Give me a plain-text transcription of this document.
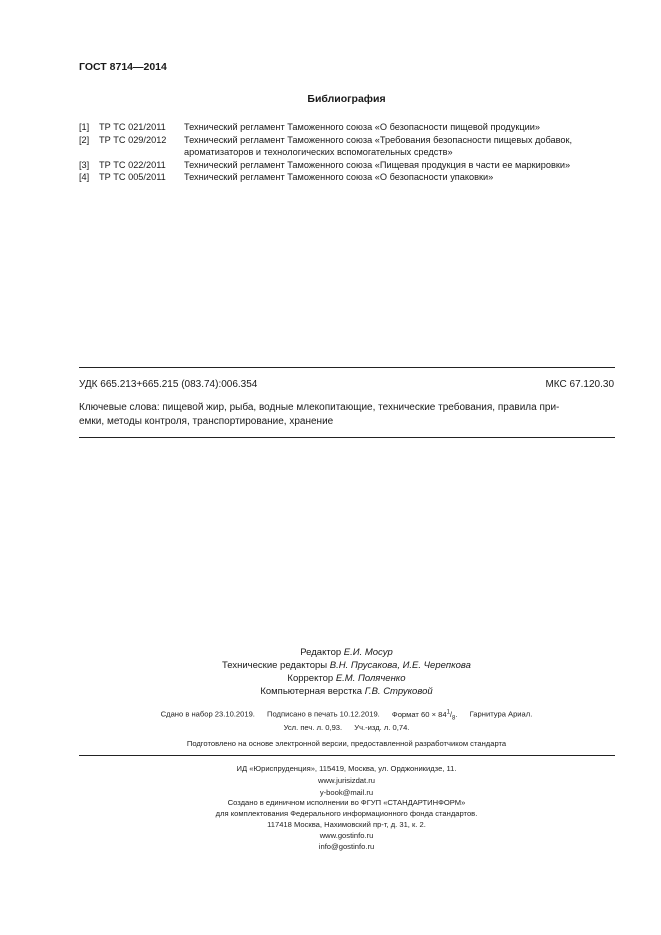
ГОСТ 8714—2014
Библиография
[1]	ТР ТС 021/2011	Технический регламент Таможенного союза «О безопасности пищевой продукции»
[2]	ТР ТС 029/2012	Технический регламент Таможенного союза «Требования безопасности пищевых добавок,
ароматизаторов и технологических вспомогательных средств»
[3]	ТР ТС 022/2011	Технический регламент Таможенного союза «Пищевая продукция в части ее маркировки»
[4]	ТР ТС 005/2011	Технический регламент Таможенного союза «О безопасности упаковки»
УДК 665.213+665.215 (083.74):006.354	МКС 67.120.30
Ключевые слова: пищевой жир, рыба, водные млекопитающие, технические требования, правила при-
емки, методы контроля, транспортирование, хранение
Редактор Е.И. Мосур
Технические редакторы В.Н. Прусакова, И.Е. Черепкова
Корректор Е.М. Поляченко
Компьютерная верстка Г.В. Струковой
Сдано в набор 23.10.2019. Подписано в печать 10.12.2019. Формат $60 \times 84^1/_8$. Гарнитура Ариал.
Усл. печ. л. 0,93. Уч.-изд. л. 0,74.
Подготовлено на основе электронной версии, предоставленной разработчиком стандарта
ИД «Юриспруденция», 115419, Москва, ул. Орджоникидзе, 11.
www.jurisizdat.ru
y-book@mail.ru
Создано в единичном исполнении во ФГУП «СТАНДАРТИНФОРМ»
для комплектования Федерального информационного фонда стандартов.
117418 Москва, Нахимовский пр-т, д. 31, к. 2.
www.gostinfo.ru
info@gostinfo.ru
